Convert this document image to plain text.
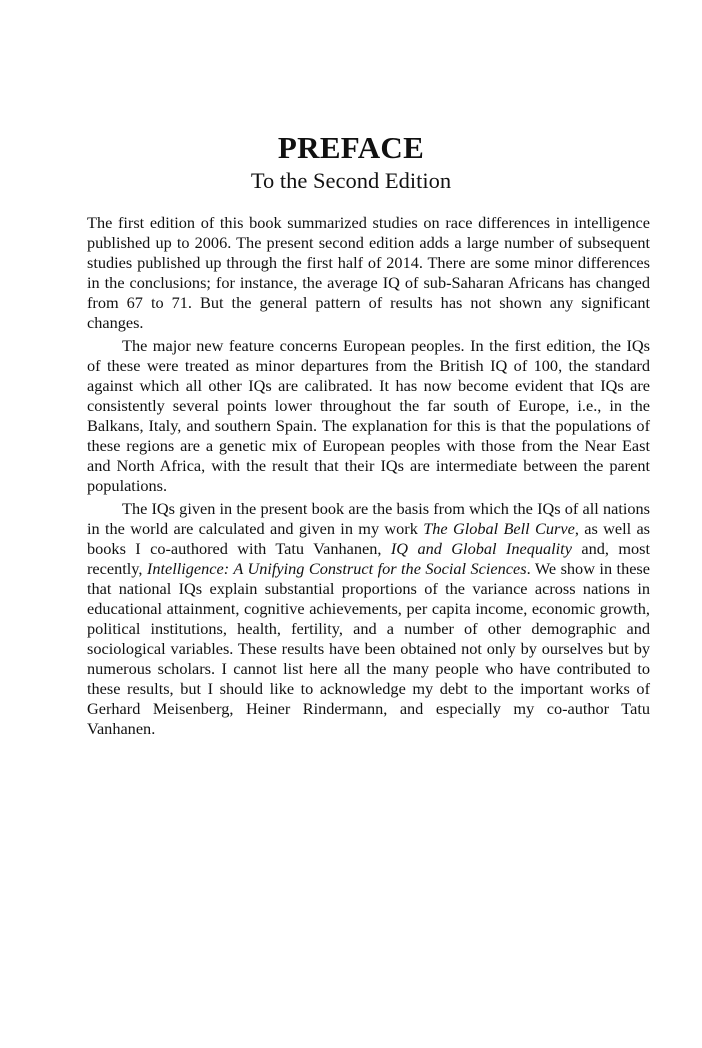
PREFACE
To the Second Edition

The first edition of this book summarized studies on race differences in intelligence published up to 2006. The present second edition adds a large number of subsequent studies published up through the first half of 2014. There are some minor differences in the conclusions; for instance, the average IQ of sub-Saharan Africans has changed from 67 to 71. But the general pattern of results has not shown any significant changes.

The major new feature concerns European peoples. In the first edition, the IQs of these were treated as minor departures from the British IQ of 100, the standard against which all other IQs are calibrated. It has now become evident that IQs are consistently several points lower throughout the far south of Europe, i.e., in the Balkans, Italy, and southern Spain. The explanation for this is that the populations of these regions are a genetic mix of European peoples with those from the Near East and North Africa, with the result that their IQs are intermediate between the parent populations.

The IQs given in the present book are the basis from which the IQs of all nations in the world are calculated and given in my work The Global Bell Curve, as well as books I co-authored with Tatu Vanhanen, IQ and Global Inequality and, most recently, Intelligence: A Unifying Construct for the Social Sciences. We show in these that national IQs explain substantial proportions of the variance across nations in educational attainment, cognitive achievements, per capita income, economic growth, political institutions, health, fertility, and a number of other demographic and sociological variables. These results have been obtained not only by ourselves but by numerous scholars. I cannot list here all the many people who have contributed to these results, but I should like to acknowledge my debt to the important works of Gerhard Meisenberg, Heiner Rindermann, and especially my co-author Tatu Vanhanen.
